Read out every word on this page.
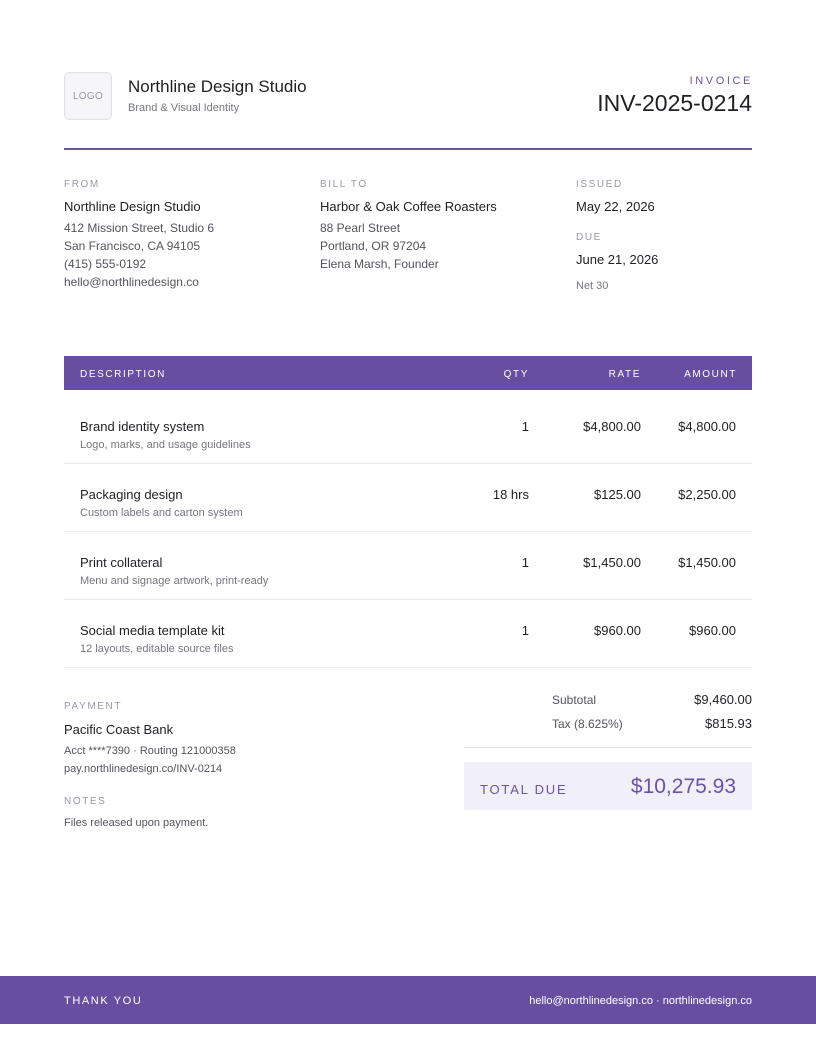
LOGO Northline Design Studio
Brand & Visual Identity
INVOICE
INV-2025-0214
FROM
Northline Design Studio
412 Mission Street, Studio 6
San Francisco, CA 94105
(415) 555-0192
hello@northlinedesign.co
BILL TO
Harbor & Oak Coffee Roasters
88 Pearl Street
Portland, OR 97204
Elena Marsh, Founder
ISSUED
May 22, 2026
DUE
June 21, 2026
Net 30
DESCRIPTION	QTY	RATE	AMOUNT
Brand identity system
Logo, marks, and usage guidelines
1	$4,800.00	$4,800.00
Packaging design
Custom labels and carton system
18 hrs	$125.00	$2,250.00
Print collateral
Menu and signage artwork, print-ready
1	$1,450.00	$1,450.00
Social media template kit
12 layouts, editable source files
1	$960.00	$960.00
PAYMENT
Pacific Coast Bank
Acct ****7390 · Routing 121000358
pay.northlinedesign.co/INV-0214
NOTES
Files released upon payment.
Subtotal	$9,460.00
Tax (8.625%)	$815.93
TOTAL DUE	$10,275.93
THANK YOU	hello@northlinedesign.co · northlinedesign.co
